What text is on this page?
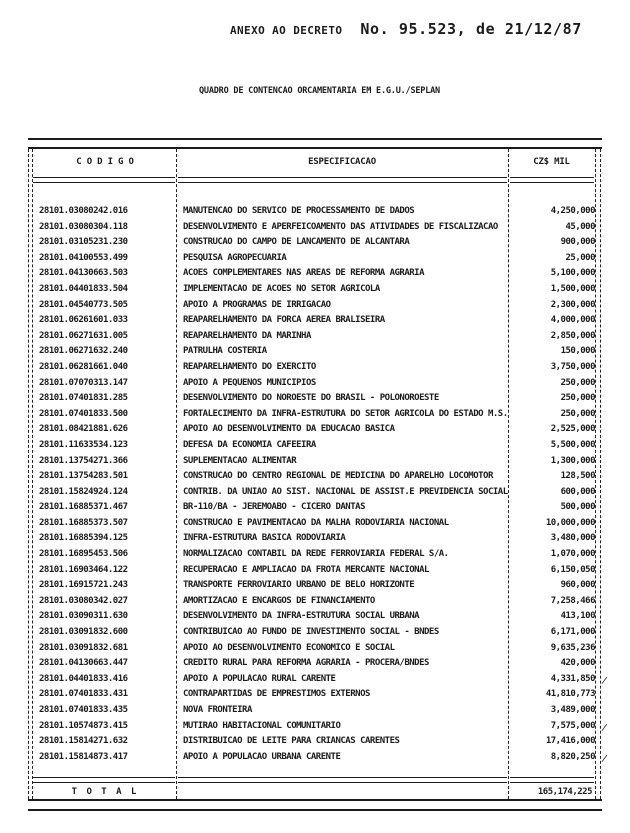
ANEXO AO DECRETO No. 95.523, de 21/12/87
QUADRO DE CONTENCAO ORCAMENTARIA EM E.G.U./SEPLAN
C O D I G O	ESPECIFICACAO	CZ$ MIL
28101.03080242.016	MANUTENCAO DO SERVICO DE PROCESSAMENTO DE DADOS	4,250,000
28101.03080304.118	DESENVOLVIMENTO E APERFEICOAMENTO DAS ATIVIDADES DE FISCALIZACAO	45,000
28101.03105231.230	CONSTRUCAO DO CAMPO DE LANCAMENTO DE ALCANTARA	900,000
28101.04100553.499	PESQUISA AGROPECUARIA	25,000
28101.04130663.503	ACOES COMPLEMENTARES NAS AREAS DE REFORMA AGRARIA	5,100,000
28101.04401833.504	IMPLEMENTACAO DE ACOES NO SETOR AGRICOLA	1,500,000
28101.04540773.505	APOIO A PROGRAMAS DE IRRIGACAO	2,300,000
28101.06261601.033	REAPARELHAMENTO DA FORCA AEREA BRALISEIRA	4,000,000
28101.06271631.005	REAPARELHAMENTO DA MARINHA	2,850,000
28101.06271632.240	PATRULHA COSTERIA	150,000
28101.06281661.040	REAPARELHAMENTO DO EXERCITO	3,750,000
28101.07070313.147	APOIO A PEQUENOS MUNICIPIOS	250,000
28101.07401831.285	DESENVOLVIMENTO DO NOROESTE DO BRASIL - POLONOROESTE	250,000
28101.07401833.500	FORTALECIMENTO DA INFRA-ESTRUTURA DO SETOR AGRICOLA DO ESTADO M.S.	250,000
28101.08421881.626	APOIO AO DESENVOLVIMENTO DA EDUCACAO BASICA	2,525,000
28101.11633534.123	DEFESA DA ECONOMIA CAFEEIRA	5,500,000
28101.13754271.366	SUPLEMENTACAO ALIMENTAR	1,300,000
28101.13754283.501	CONSTRUCAO DO CENTRO REGIONAL DE MEDICINA DO APARELHO LOCOMOTOR	128,500
28101.15824924.124	CONTRIB. DA UNIAO AO SIST. NACIONAL DE ASSIST.E PREVIDENCIA SOCIAL	600,000
28101.16885371.467	BR-110/BA - JEREMOABO - CICERO DANTAS	500,000
28101.16885373.507	CONSTRUCAO E PAVIMENTACAO DA MALHA RODOVIARIA NACIONAL	10,000,000
28101.16885394.125	INFRA-ESTRUTURA BASICA RODOVIARIA	3,480,000
28101.16895453.506	NORMALIZACAO CONTABIL DA REDE FERROVIARIA FEDERAL S/A.	1,070,000
28101.16903464.122	RECUPERACAO E AMPLIACAO DA FROTA MERCANTE NACIONAL	6,150,050
28101.16915721.243	TRANSPORTE FERROVIARIO URBANO DE BELO HORIZONTE	960,000
28101.03080342.027	AMORTIZACAO E ENCARGOS DE FINANCIAMENTO	7,258,466
28101.03090311.630	DESENVOLVIMENTO DA INFRA-ESTRUTURA SOCIAL URBANA	413,100
28101.03091832.600	CONTRIBUICAO AO FUNDO DE INVESTIMENTO SOCIAL - BNDES	6,171,000
28101.03091832.681	APOIO AO DESENVOLVIMENTO ECONOMICO E SOCIAL	9,635,236
28101.04130663.447	CREDITO RURAL PARA REFORMA AGRARIA - PROCERA/BNDES	420,000
28101.04401833.416	APOIO A POPULACAO RURAL CARENTE	4,331,850 ⁄
28101.07401833.431	CONTRAPARTIDAS DE EMPRESTIMOS EXTERNOS	41,810,773
28101.07401833.435	NOVA FRONTEIRA	3,489,000
28101.10574873.415	MUTIRAO HABITACIONAL COMUNITARIO	7,575,000 ⁄
28101.15814271.632	DISTRIBUICAO DE LEITE PARA CRIANCAS CARENTES	17,416,000
28101.15814873.417	APOIO A POPULACAO URBANA CARENTE	8,820,250 ⁄
T O T A L	165,174,225
